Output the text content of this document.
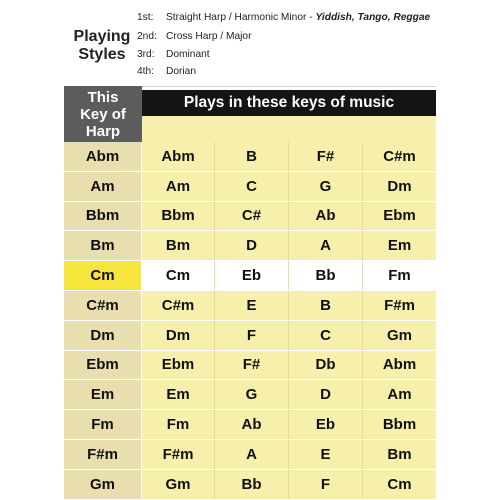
Playing
Styles
1st: Straight Harp / Harmonic Minor - Yiddish, Tango, Reggae
2nd: Cross Harp / Major
3rd: Dominant
4th: Dorian
This
Key of
Harp
Plays in these keys of music
Abm	Abm	B	F#	C#m
Am	Am	C	G	Dm
Bbm	Bbm	C#	Ab	Ebm
Bm	Bm	D	A	Em
Cm	Cm	Eb	Bb	Fm
C#m	C#m	E	B	F#m
Dm	Dm	F	C	Gm
Ebm	Ebm	F#	Db	Abm
Em	Em	G	D	Am
Fm	Fm	Ab	Eb	Bbm
F#m	F#m	A	E	Bm
Gm	Gm	Bb	F	Cm
